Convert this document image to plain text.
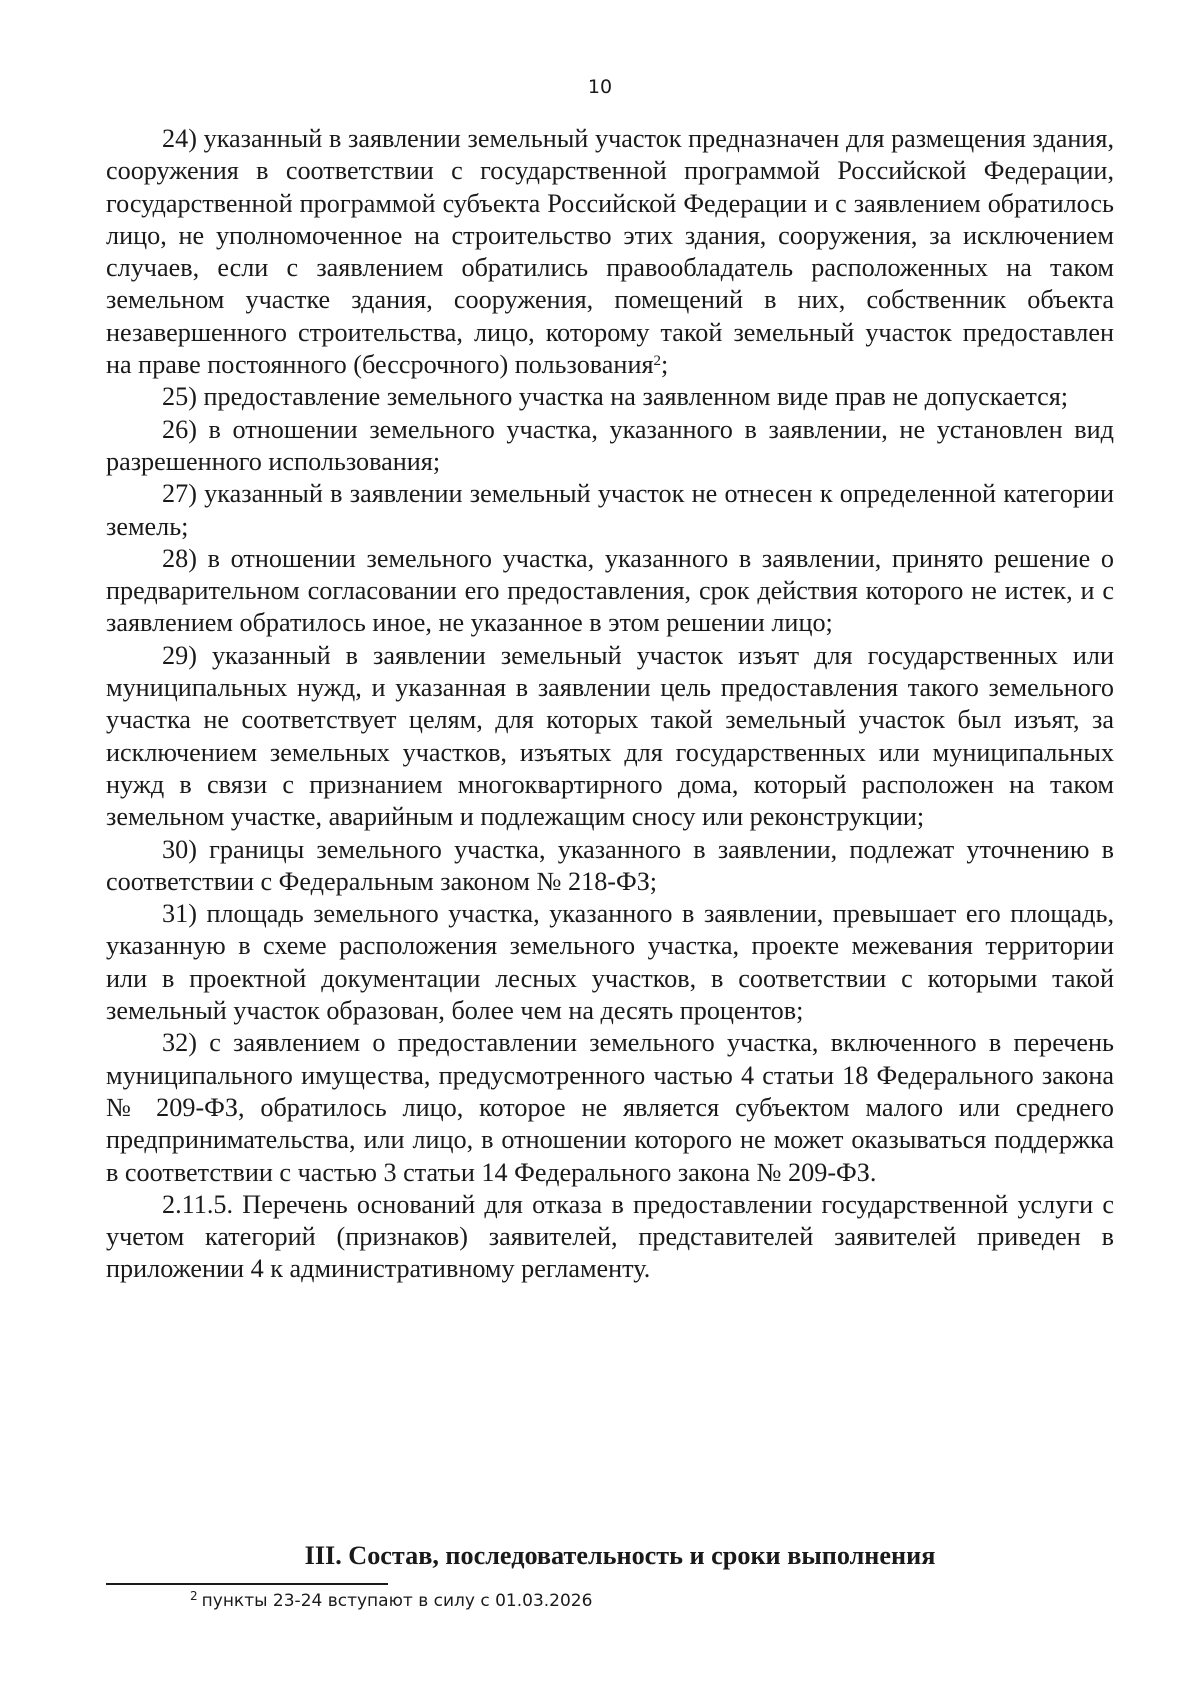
10

24) указанный в заявлении земельный участок предназначен для размещения здания, сооружения в соответствии с государственной программой Российской Федерации, государственной программой субъекта Российской Федерации и с заявлением обратилось лицо, не уполномоченное на строительство этих здания, сооружения, за исключением случаев, если с заявлением обратились правообладатель расположенных на таком земельном участке здания, сооружения, помещений в них, собственник объекта незавершенного строительства, лицо, которому такой земельный участок предоставлен на праве постоянного (бессрочного) пользования$^2$;

25) предоставление земельного участка на заявленном виде прав не допускается;

26) в отношении земельного участка, указанного в заявлении, не установлен вид разрешенного использования;

27) указанный в заявлении земельный участок не отнесен к определенной категории земель;

28) в отношении земельного участка, указанного в заявлении, принято решение о предварительном согласовании его предоставления, срок действия которого не истек, и с заявлением обратилось иное, не указанное в этом решении лицо;

29) указанный в заявлении земельный участок изъят для государственных или муниципальных нужд, и указанная в заявлении цель предоставления такого земельного участка не соответствует целям, для которых такой земельный участок был изъят, за исключением земельных участков, изъятых для государственных или муниципальных нужд в связи с признанием многоквартирного дома, который расположен на таком земельном участке, аварийным и подлежащим сносу или реконструкции;

30) границы земельного участка, указанного в заявлении, подлежат уточнению в соответствии с Федеральным законом № 218-ФЗ;

31) площадь земельного участка, указанного в заявлении, превышает его площадь, указанную в схеме расположения земельного участка, проекте межевания территории или в проектной документации лесных участков, в соответствии с которыми такой земельный участок образован, более чем на десять процентов;

32) с заявлением о предоставлении земельного участка, включенного в перечень муниципального имущества, предусмотренного частью 4 статьи 18 Федерального закона № 209-ФЗ, обратилось лицо, которое не является субъектом малого или среднего предпринимательства, или лицо, в отношении которого не может оказываться поддержка в соответствии с частью 3 статьи 14 Федерального закона № 209-ФЗ.

2.11.5. Перечень оснований для отказа в предоставлении государственной услуги с учетом категорий (признаков) заявителей, представителей заявителей приведен в приложении 4 к административному регламенту.

III. Состав, последовательность и сроки выполнения
$^2$ пункты 23-24 вступают в силу с 01.03.2026
